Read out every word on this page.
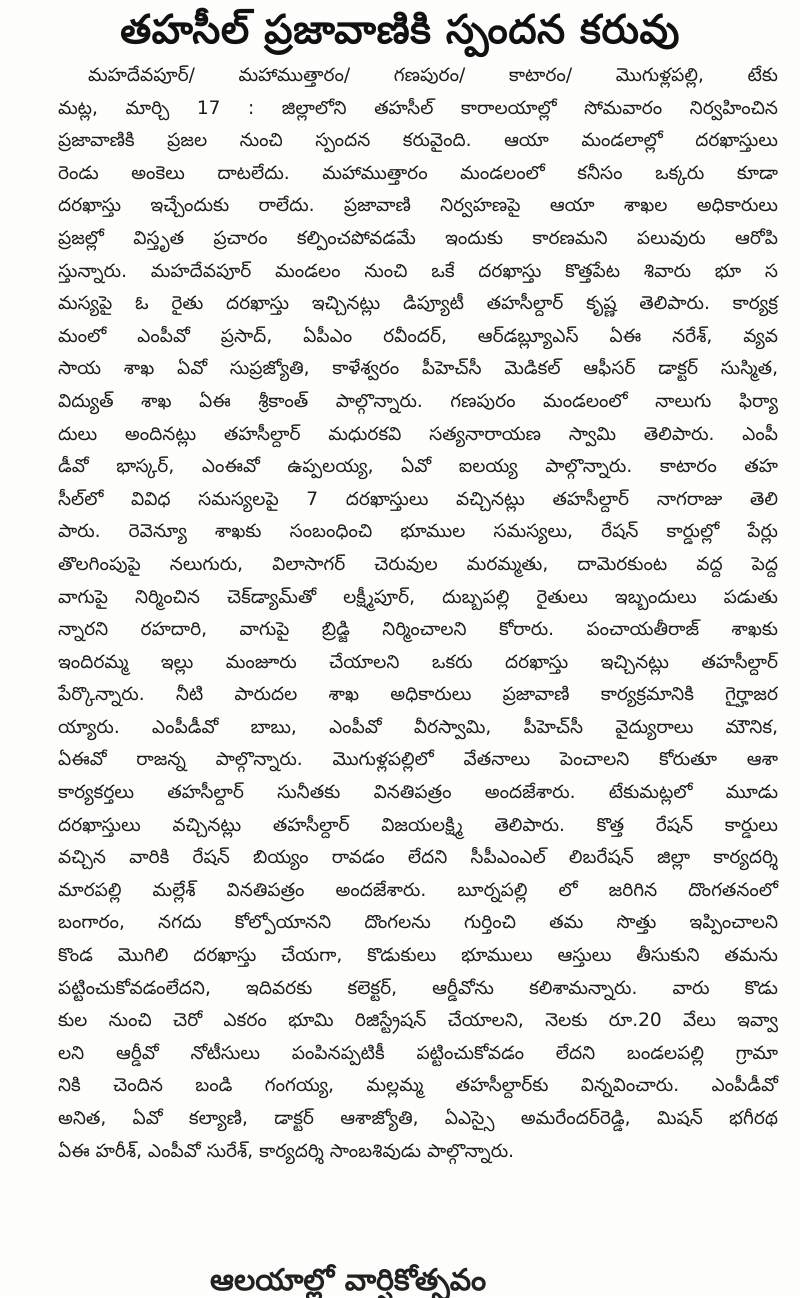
తహసీల్ ప్రజావాణికి స్పందన కరువు
మహదేవపూర్/ మహాముత్తారం/ గణపురం/ కాటారం/ మొగుళ్లపల్లి, టేకు
మట్ల, మార్చి 17 : జిల్లాలోని తహసీల్ కారాలయాల్లో సోమవారం నిర్వహించిన
ప్రజావాణికి ప్రజల నుంచి స్పందన కరువైంది. ఆయా మండలాల్లో దరఖాస్తులు
రెండు అంకెలు దాటలేదు. మహాముత్తారం మండలంలో కనీసం ఒక్కరు కూడా
దరఖాస్తు ఇచ్చేందుకు రాలేదు. ప్రజావాణి నిర్వహణపై ఆయా శాఖల అధికారులు
ప్రజల్లో విస్తృత ప్రచారం కల్పించపోవడమే ఇందుకు కారణమని పలువురు ఆరోపి
స్తున్నారు. మహదేవపూర్ మండలం నుంచి ఒకే దరఖాస్తు కొత్తపేట శివారు భూ స
మస్యపై ఓ రైతు దరఖాస్తు ఇచ్చినట్లు డిప్యూటీ తహసీల్దార్ కృష్ణ తెలిపారు. కార్యక్ర
మంలో ఎంపీవో ప్రసాద్, ఏపీఎం రవీందర్, ఆర్‌డబ్ల్యూఎస్ ఏఈ నరేశ్, వ్యవ
సాయ శాఖ ఏవో సుప్రజ్యోతి, కాళేశ్వరం పీహెచ్‌సీ మెడికల్ ఆఫీసర్ డాక్టర్ సుస్మిత,
విద్యుత్ శాఖ ఏఈ శ్రీకాంత్ పాల్గొన్నారు. గణపురం మండలంలో నాలుగు ఫిర్యా
దులు అందినట్లు తహసీల్దార్ మధురకవి సత్యనారాయణ స్వామి తెలిపారు. ఎంపీ
డీవో భాస్కర్, ఎంఈవో ఉప్పలయ్య, ఏవో ఐలయ్య పాల్గొన్నారు. కాటారం తహ
సీల్‌లో వివిధ సమస్యలపై 7 దరఖాస్తులు వచ్చినట్లు తహసీల్దార్ నాగరాజు తెలి
పారు. రెవెన్యూ శాఖకు సంబంధించి భూముల సమస్యలు, రేషన్ కార్డుల్లో పేర్లు
తొలగింపుపై నలుగురు, విలాసాగర్ చెరువుల మరమ్మతు, దామెరకుంట వద్ద పెద్ద
వాగుపై నిర్మించిన చెక్‌డ్యామ్‌తో లక్ష్మీపూర్, దుబ్బపల్లి రైతులు ఇబ్బందులు పడుతు
న్నారని రహదారి, వాగుపై బ్రిడ్జి నిర్మించాలని కోరారు. పంచాయతీరాజ్ శాఖకు
ఇందిరమ్మ ఇల్లు మంజూరు చేయాలని ఒకరు దరఖాస్తు ఇచ్చినట్లు తహసీల్దార్
పేర్కొన్నారు. నీటి పారుదల శాఖ అధికారులు ప్రజావాణి కార్యక్రమానికి గైర్హాజర
య్యారు. ఎంపీడీవో బాబు, ఎంపీవో వీరస్వామి, పీహెచ్‌సీ వైద్యురాలు మౌనిక,
ఏఈవో రాజన్న పాల్గొన్నారు. మొగుళ్లపల్లిలో వేతనాలు పెంచాలని కోరుతూ ఆశా
కార్యకర్తలు తహసీల్దార్ సునీతకు వినతిపత్రం అందజేశారు. టేకుమట్లలో మూడు
దరఖాస్తులు వచ్చినట్లు తహసీల్దార్ విజయలక్ష్మి తెలిపారు. కొత్త రేషన్ కార్డులు
వచ్చిన వారికి రేషన్ బియ్యం రావడం లేదని సీపీఎంఎల్ లిబరేషన్ జిల్లా కార్యదర్శి
మారపల్లి మల్లేశ్ వినతిపత్రం అందజేశారు. బూర్నపల్లి లో జరిగిన దొంగతనంలో
బంగారం, నగదు కోల్పోయానని దొంగలను గుర్తించి తమ సొత్తు ఇప్పించాలని
కొండ మొగిలి దరఖాస్తు చేయగా, కొడుకులు భూములు ఆస్తులు తీసుకుని తమను
పట్టించుకోవడంలేదని, ఇదివరకు కలెక్టర్, ఆర్డీవోను కలిశామన్నారు. వారు కొడు
కుల నుంచి చెరో ఎకరం భూమి రిజిస్ట్రేషన్ చేయాలని, నెలకు రూ.20 వేలు ఇవ్వా
లని ఆర్డీవో నోటీసులు పంపినప్పటికీ పట్టించుకోవడం లేదని బండలపల్లి గ్రామా
నికి చెందిన బండి గంగయ్య, మల్లమ్మ తహసీల్దార్‌కు విన్నవించారు. ఎంపీడీవో
అనిత, ఏవో కల్యాణి, డాక్టర్ ఆశాజ్యోతి, ఏఎస్సై అమరేందర్‌రెడ్డి, మిషన్ భగీరథ
ఏఈ హరీశ్, ఎంపీవో సురేశ్, కార్యదర్శి సాంబశివుడు పాల్గొన్నారు.
ఆలయాల్లో వార్షికోత్సవం
